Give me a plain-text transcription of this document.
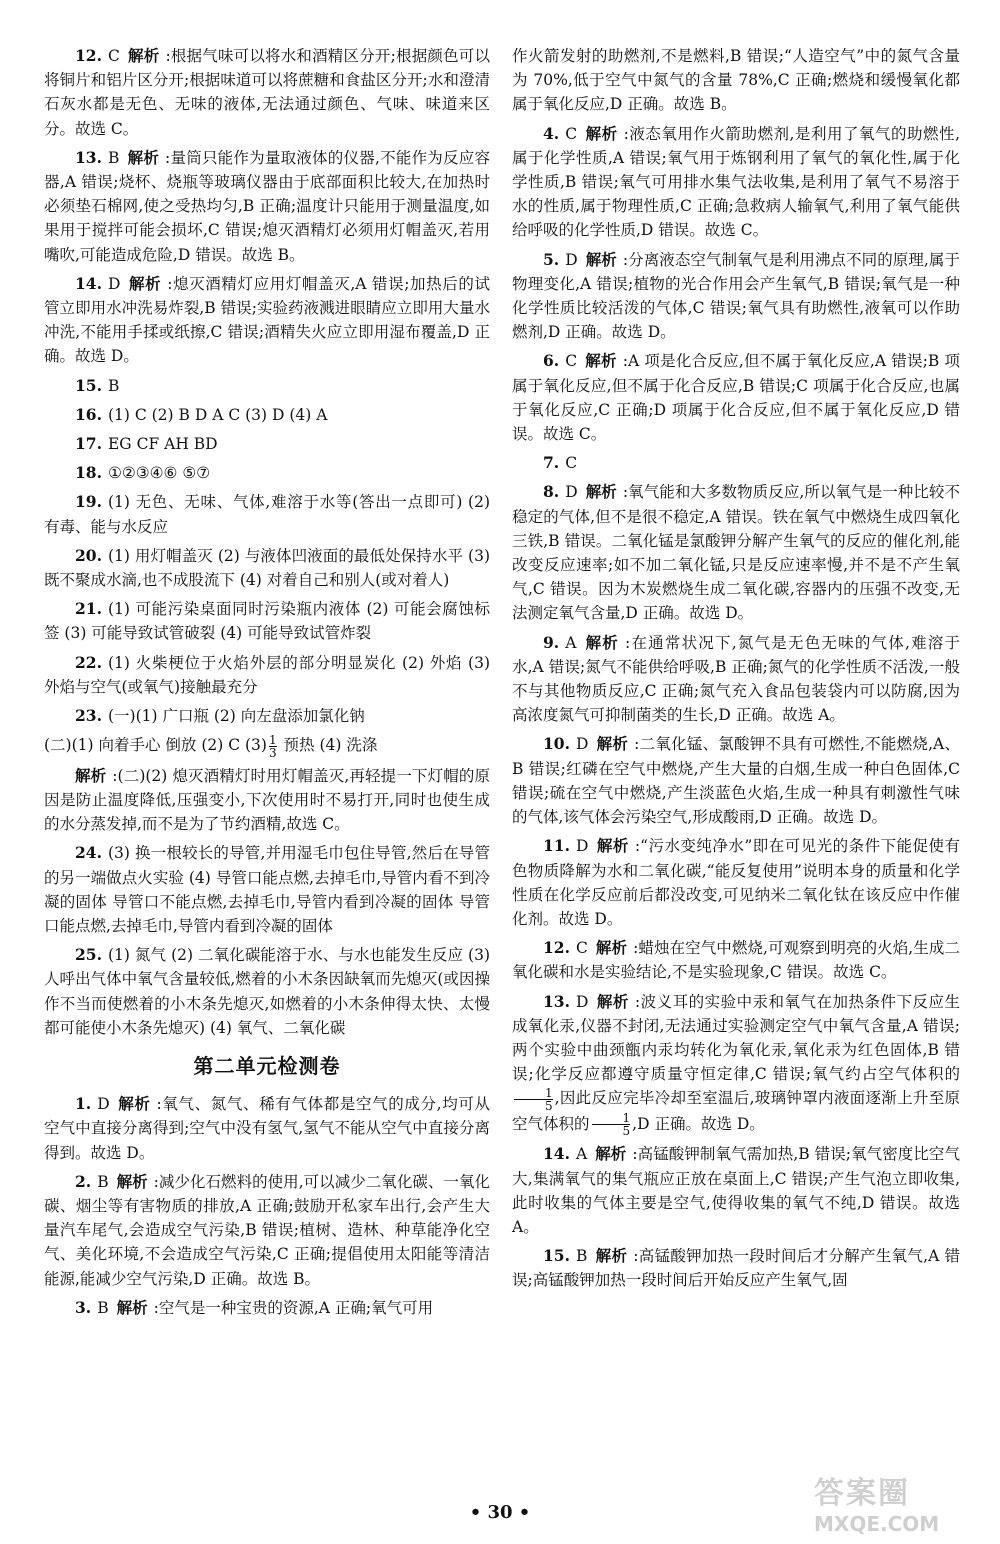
12. C 解析 :根据气味可以将水和酒精区分开;根据颜色可以将铜片和铝片区分开;根据味道可以将蔗糖和食盐区分开;水和澄清石灰水都是无色、无味的液体,无法通过颜色、气味、味道来区分。故选 C。

13. B 解析 :量筒只能作为量取液体的仪器,不能作为反应容器,A 错误;烧杯、烧瓶等玻璃仪器由于底部面积比较大,在加热时必须垫石棉网,使之受热均匀,B 正确;温度计只能用于测量温度,如果用于搅拌可能会损坏,C 错误;熄灭酒精灯必须用灯帽盖灭,若用嘴吹,可能造成危险,D 错误。故选 B。

14. D 解析 :熄灭酒精灯应用灯帽盖灭,A 错误;加热后的试管立即用水冲洗易炸裂,B 错误;实验药液溅进眼睛应立即用大量水冲洗,不能用手揉或纸擦,C 错误;酒精失火应立即用湿布覆盖,D 正确。故选 D。

15. B

16. (1) C (2) B D A C (3) D (4) A

17. EG CF AH BD

18. ①②③④⑥ ⑤⑦

19. (1) 无色、无味、气体,难溶于水等(答出一点即可) (2) 有毒、能与水反应

20. (1) 用灯帽盖灭 (2) 与液体凹液面的最低处保持水平 (3) 既不聚成水滴,也不成股流下 (4) 对着自己和别人(或对着人)

21. (1) 可能污染桌面同时污染瓶内液体 (2) 可能会腐蚀标签 (3) 可能导致试管破裂 (4) 可能导致试管炸裂

22. (1) 火柴梗位于火焰外层的部分明显炭化 (2) 外焰 (3) 外焰与空气(或氧气)接触最充分

23. (一)(1) 广口瓶 (2) 向左盘添加氯化钠

(二)(1) 向着手心 倒放 (2) C $(3) \frac{1}{3}$ 预热 (4) 洗涤

解析 :(二)(2) 熄灭酒精灯时用灯帽盖灭,再轻提一下灯帽的原因是防止温度降低,压强变小,下次使用时不易打开,同时也使生成的水分蒸发掉,而不是为了节约酒精,故选 C。

24. (3) 换一根较长的导管,并用湿毛巾包住导管,然后在导管的另一端做点火实验 (4) 导管口能点燃,去掉毛巾,导管内看不到冷凝的固体 导管口不能点燃,去掉毛巾,导管内看到冷凝的固体 导管口能点燃,去掉毛巾,导管内看到冷凝的固体

25. (1) 氮气 (2) 二氧化碳能溶于水、与水也能发生反应 (3) 人呼出气体中氧气含量较低,燃着的小木条因缺氧而先熄灭(或因操作不当而使燃着的小木条先熄灭,如燃着的小木条伸得太快、太慢都可能使小木条先熄灭) (4) 氧气、二氧化碳

第二单元检测卷

1. D 解析 :氧气、氮气、稀有气体都是空气的成分,均可从空气中直接分离得到;空气中没有氢气,氢气不能从空气中直接分离得到。故选 D。

2. B 解析 :减少化石燃料的使用,可以减少二氧化碳、一氧化碳、烟尘等有害物质的排放,A 正确;鼓励开私家车出行,会产生大量汽车尾气,会造成空气污染,B 错误;植树、造林、种草能净化空气、美化环境,不会造成空气污染,C 正确;提倡使用太阳能等清洁能源,能减少空气污染,D 正确。故选 B。

3. B 解析 :空气是一种宝贵的资源,A 正确;氧气可用

作火箭发射的助燃剂,不是燃料,B 错误;“人造空气”中的氮气含量为 70%,低于空气中氮气的含量 78%,C 正确;燃烧和缓慢氧化都属于氧化反应,D 正确。故选 B。

4. C 解析 :液态氧用作火箭助燃剂,是利用了氧气的助燃性,属于化学性质,A 错误;氧气用于炼钢利用了氧气的氧化性,属于化学性质,B 错误;氧气可用排水集气法收集,是利用了氧气不易溶于水的性质,属于物理性质,C 正确;急救病人输氧气,利用了氧气能供给呼吸的化学性质,D 错误。故选 C。

5. D 解析 :分离液态空气制氧气是利用沸点不同的原理,属于物理变化,A 错误;植物的光合作用会产生氧气,B 错误;氧气是一种化学性质比较活泼的气体,C 错误;氧气具有助燃性,液氧可以作助燃剂,D 正确。故选 D。

6. C 解析 :A 项是化合反应,但不属于氧化反应,A 错误;B 项属于氧化反应,但不属于化合反应,B 错误;C 项属于化合反应,也属于氧化反应,C 正确;D 项属于化合反应,但不属于氧化反应,D 错误。故选 C。

7. C

8. D 解析 :氧气能和大多数物质反应,所以氧气是一种比较不稳定的气体,但不是很不稳定,A 错误。铁在氧气中燃烧生成四氧化三铁,B 错误。二氧化锰是氯酸钾分解产生氧气的反应的催化剂,能改变反应速率;如不加二氧化锰,只是反应速率慢,并不是不产生氧气,C 错误。因为木炭燃烧生成二氧化碳,容器内的压强不改变,无法测定氧气含量,D 正确。故选 D。

9. A 解析 :在通常状况下,氮气是无色无味的气体,难溶于水,A 错误;氮气不能供给呼吸,B 正确;氮气的化学性质不活泼,一般不与其他物质反应,C 正确;氮气充入食品包装袋内可以防腐,因为高浓度氮气可抑制菌类的生长,D 正确。故选 A。

10. D 解析 :二氧化锰、氯酸钾不具有可燃性,不能燃烧,A、B 错误;红磷在空气中燃烧,产生大量的白烟,生成一种白色固体,C 错误;硫在空气中燃烧,产生淡蓝色火焰,生成一种具有刺激性气味的气体,该气体会污染空气,形成酸雨,D 正确。故选 D。

11. D 解析 :“污水变纯净水”即在可见光的条件下能促使有色物质降解为水和二氧化碳,“能反复使用”说明本身的质量和化学性质在化学反应前后都没改变,可见纳米二氧化钛在该反应中作催化剂。故选 D。

12. C 解析 :蜡烛在空气中燃烧,可观察到明亮的火焰,生成二氧化碳和水是实验结论,不是实验现象,C 错误。故选 C。

13. D 解析 :波义耳的实验中汞和氧气在加热条件下反应生成氧化汞,仪器不封闭,无法通过实验测定空气中氧气含量,A 错误;两个实验中曲颈甑内汞均转化为氧化汞,氧化汞为红色固体,B 错误;化学反应都遵守质量守恒定律,C 错误;氧气约占空气体积的
$\frac{1}{5}$ ,因此反应完毕冷却至室温后,玻璃钟罩内液面逐渐上升至原空气体积的 $\frac{1}{5} ,D$ 正确。故选 D。

14. A 解析 :高锰酸钾制氧气需加热,B 错误;氧气密度比空气大,集满氧气的集气瓶应正放在桌面上,C 错误;产生气泡立即收集,此时收集的气体主要是空气,使得收集的氧气不纯,D 错误。故选 A。

15. B 解析 :高锰酸钾加热一段时间后才分解产生氧气,A 错误;高锰酸钾加热一段时间后开始反应产生氧气,固

• 30 •
答案圈
MXQE.COM
